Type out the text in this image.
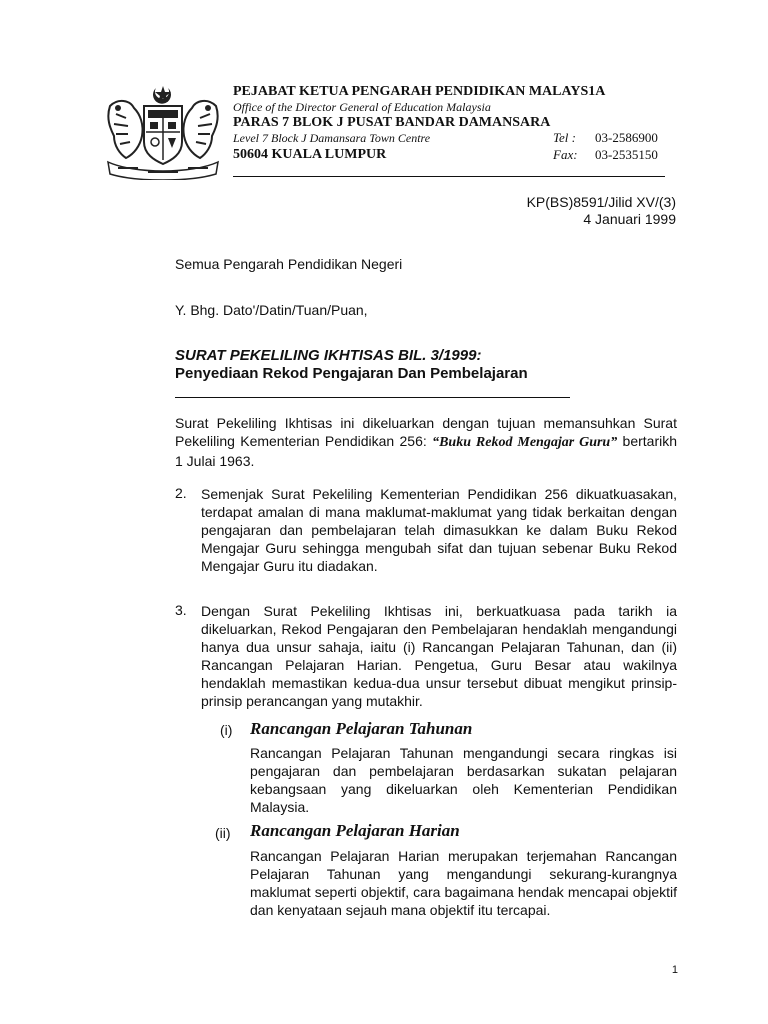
PEJABAT KETUA PENGARAH PENDIDIKAN MALAYS1A
Office of the Director General of Education Malaysia
PARAS 7 BLOK J PUSAT BANDAR DAMANSARA
Level 7 Block J Damansara Town Centre
50604 KUALA LUMPUR
Tel : 03-2586900
Fax: 03-2535150
KP(BS)8591/Jilid XV/(3)
4 Januari 1999
Semua Pengarah Pendidikan Negeri
Y. Bhg. Dato'/Datin/Tuan/Puan,
SURAT PEKELILING IKHTISAS BIL. 3/1999:
Penyediaan Rekod Pengajaran Dan Pembelajaran
Surat Pekeliling Ikhtisas ini dikeluarkan dengan tujuan memansuhkan Surat Pekeliling Kementerian Pendidikan 256: “Buku Rekod Mengajar Guru” bertarikh 1 Julai 1963.
2. Semenjak Surat Pekeliling Kementerian Pendidikan 256 dikuatkuasakan, terdapat amalan di mana maklumat-maklumat yang tidak berkaitan dengan pengajaran dan pembelajaran telah dimasukkan ke dalam Buku Rekod Mengajar Guru sehingga mengubah sifat dan tujuan sebenar Buku Rekod Mengajar Guru itu diadakan.
3. Dengan Surat Pekeliling Ikhtisas ini, berkuatkuasa pada tarikh ia dikeluarkan, Rekod Pengajaran den Pembelajaran hendaklah mengandungi hanya dua unsur sahaja, iaitu (i) Rancangan Pelajaran Tahunan, dan (ii) Rancangan Pelajaran Harian. Pengetua, Guru Besar atau wakilnya hendaklah memastikan kedua-dua unsur tersebut dibuat mengikut prinsip-prinsip perancangan yang mutakhir.
(i) Rancangan Pelajaran Tahunan
Rancangan Pelajaran Tahunan mengandungi secara ringkas isi pengajaran dan pembelajaran berdasarkan sukatan pelajaran kebangsaan yang dikeluarkan oleh Kementerian Pendidikan Malaysia.
(ii) Rancangan Pelajaran Harian
Rancangan Pelajaran Harian merupakan terjemahan Rancangan Pelajaran Tahunan yang mengandungi sekurang-kurangnya maklumat seperti objektif, cara bagaimana hendak mencapai objektif dan kenyataan sejauh mana objektif itu tercapai.
1
